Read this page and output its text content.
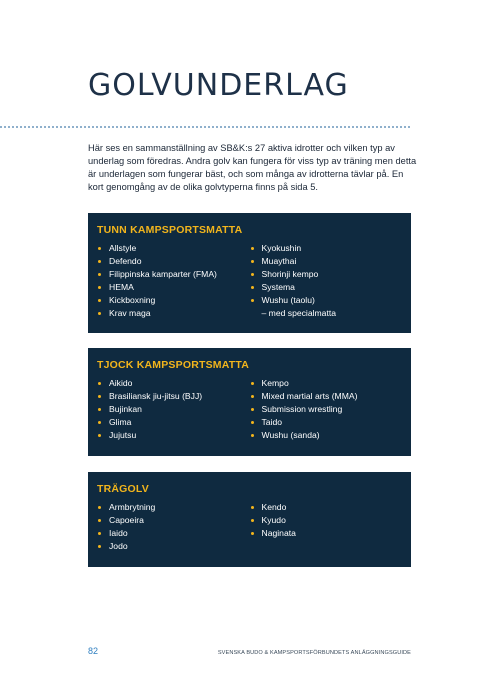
GOLVUNDERLAG

Här ses en sammanställning av SB&K:s 27 aktiva idrotter och vilken typ av underlag som föredras. Andra golv kan fungera för viss typ av träning men detta är underlagen som fungerar bäst, och som många av idrotterna tävlar på. En kort genomgång av de olika golvtyperna finns på sida 5.

TUNN KAMPSPORTSMATTA
Allstyle
Defendo
Filippinska kamparter (FMA)
HEMA
Kickboxning
Krav maga
Kyokushin
Muaythai
Shorinji kempo
Systema
Wushu (taolu)
– med specialmatta
TJOCK KAMPSPORTSMATTA
Aikido
Brasiliansk jiu-jitsu (BJJ)
Bujinkan
Glima
Jujutsu
Kempo
Mixed martial arts (MMA)
Submission wrestling
Taido
Wushu (sanda)
TRÄGOLV
Armbrytning
Capoeira
Iaido
Jodo
Kendo
Kyudo
Naginata
82	SVENSKA BUDO & KAMPSPORTSFÖRBUNDETS ANLÄGGNINGSGUIDE
